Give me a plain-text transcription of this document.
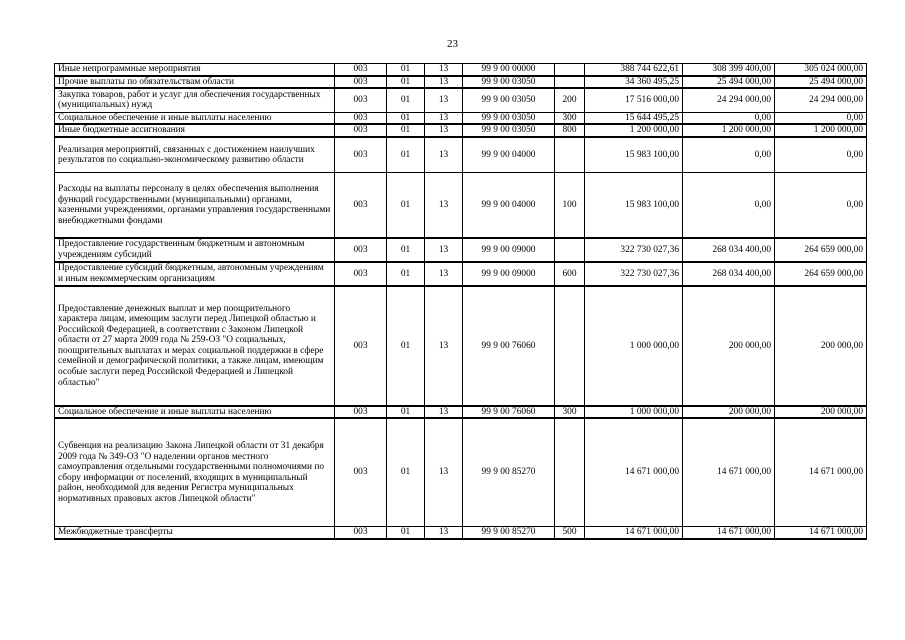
23
Иные непрограммные мероприятия	003	01	13	99 9 00 00000		388 744 622,61	308 399 400,00	305 024 000,00
Прочие выплаты по обязательствам области	003	01	13	99 9 00 03050		34 360 495,25	25 494 000,00	25 494 000,00
Закупка товаров, работ и услуг для обеспечения государственных (муниципальных) нужд	003	01	13	99 9 00 03050	200	17 516 000,00	24 294 000,00	24 294 000,00
Социальное обеспечение и иные выплаты населению	003	01	13	99 9 00 03050	300	15 644 495,25	0,00	0,00
Иные бюджетные ассигнования	003	01	13	99 9 00 03050	800	1 200 000,00	1 200 000,00	1 200 000,00
Реализация мероприятий, связанных с достижением наилучших результатов по социально-экономическому развитию области	003	01	13	99 9 00 04000		15 983 100,00	0,00	0,00
Расходы на выплаты персоналу в целях обеспечения выполнения функций государственными (муниципальными) органами, казенными учреждениями, органами управления государственными внебюджетными фондами	003	01	13	99 9 00 04000	100	15 983 100,00	0,00	0,00
Предоставление государственным бюджетным и автономным учреждениям субсидий	003	01	13	99 9 00 09000		322 730 027,36	268 034 400,00	264 659 000,00
Предоставление субсидий бюджетным, автономным учреждениям и иным некоммерческим организациям	003	01	13	99 9 00 09000	600	322 730 027,36	268 034 400,00	264 659 000,00
Предоставление денежных выплат и мер поощрительного характера лицам, имеющим заслуги перед Липецкой областью и Российской Федерацией, в соответствии с Законом Липецкой области от 27 марта 2009 года № 259-ОЗ "О социальных, поощрительных выплатах и мерах социальной поддержки в сфере семейной и демографической политики, а также лицам, имеющим особые заслуги перед Российской Федерацией и Липецкой областью"	003	01	13	99 9 00 76060		1 000 000,00	200 000,00	200 000,00
Социальное обеспечение и иные выплаты населению	003	01	13	99 9 00 76060	300	1 000 000,00	200 000,00	200 000,00
Субвенция на реализацию Закона Липецкой области от 31 декабря 2009 года № 349-ОЗ "О наделении органов местного самоуправления отдельными государственными полномочиями по сбору информации от поселений, входящих в муниципальный район, необходимой для ведения Регистра муниципальных нормативных правовых актов Липецкой области"	003	01	13	99 9 00 85270		14 671 000,00	14 671 000,00	14 671 000,00
Межбюджетные трансферты	003	01	13	99 9 00 85270	500	14 671 000,00	14 671 000,00	14 671 000,00
